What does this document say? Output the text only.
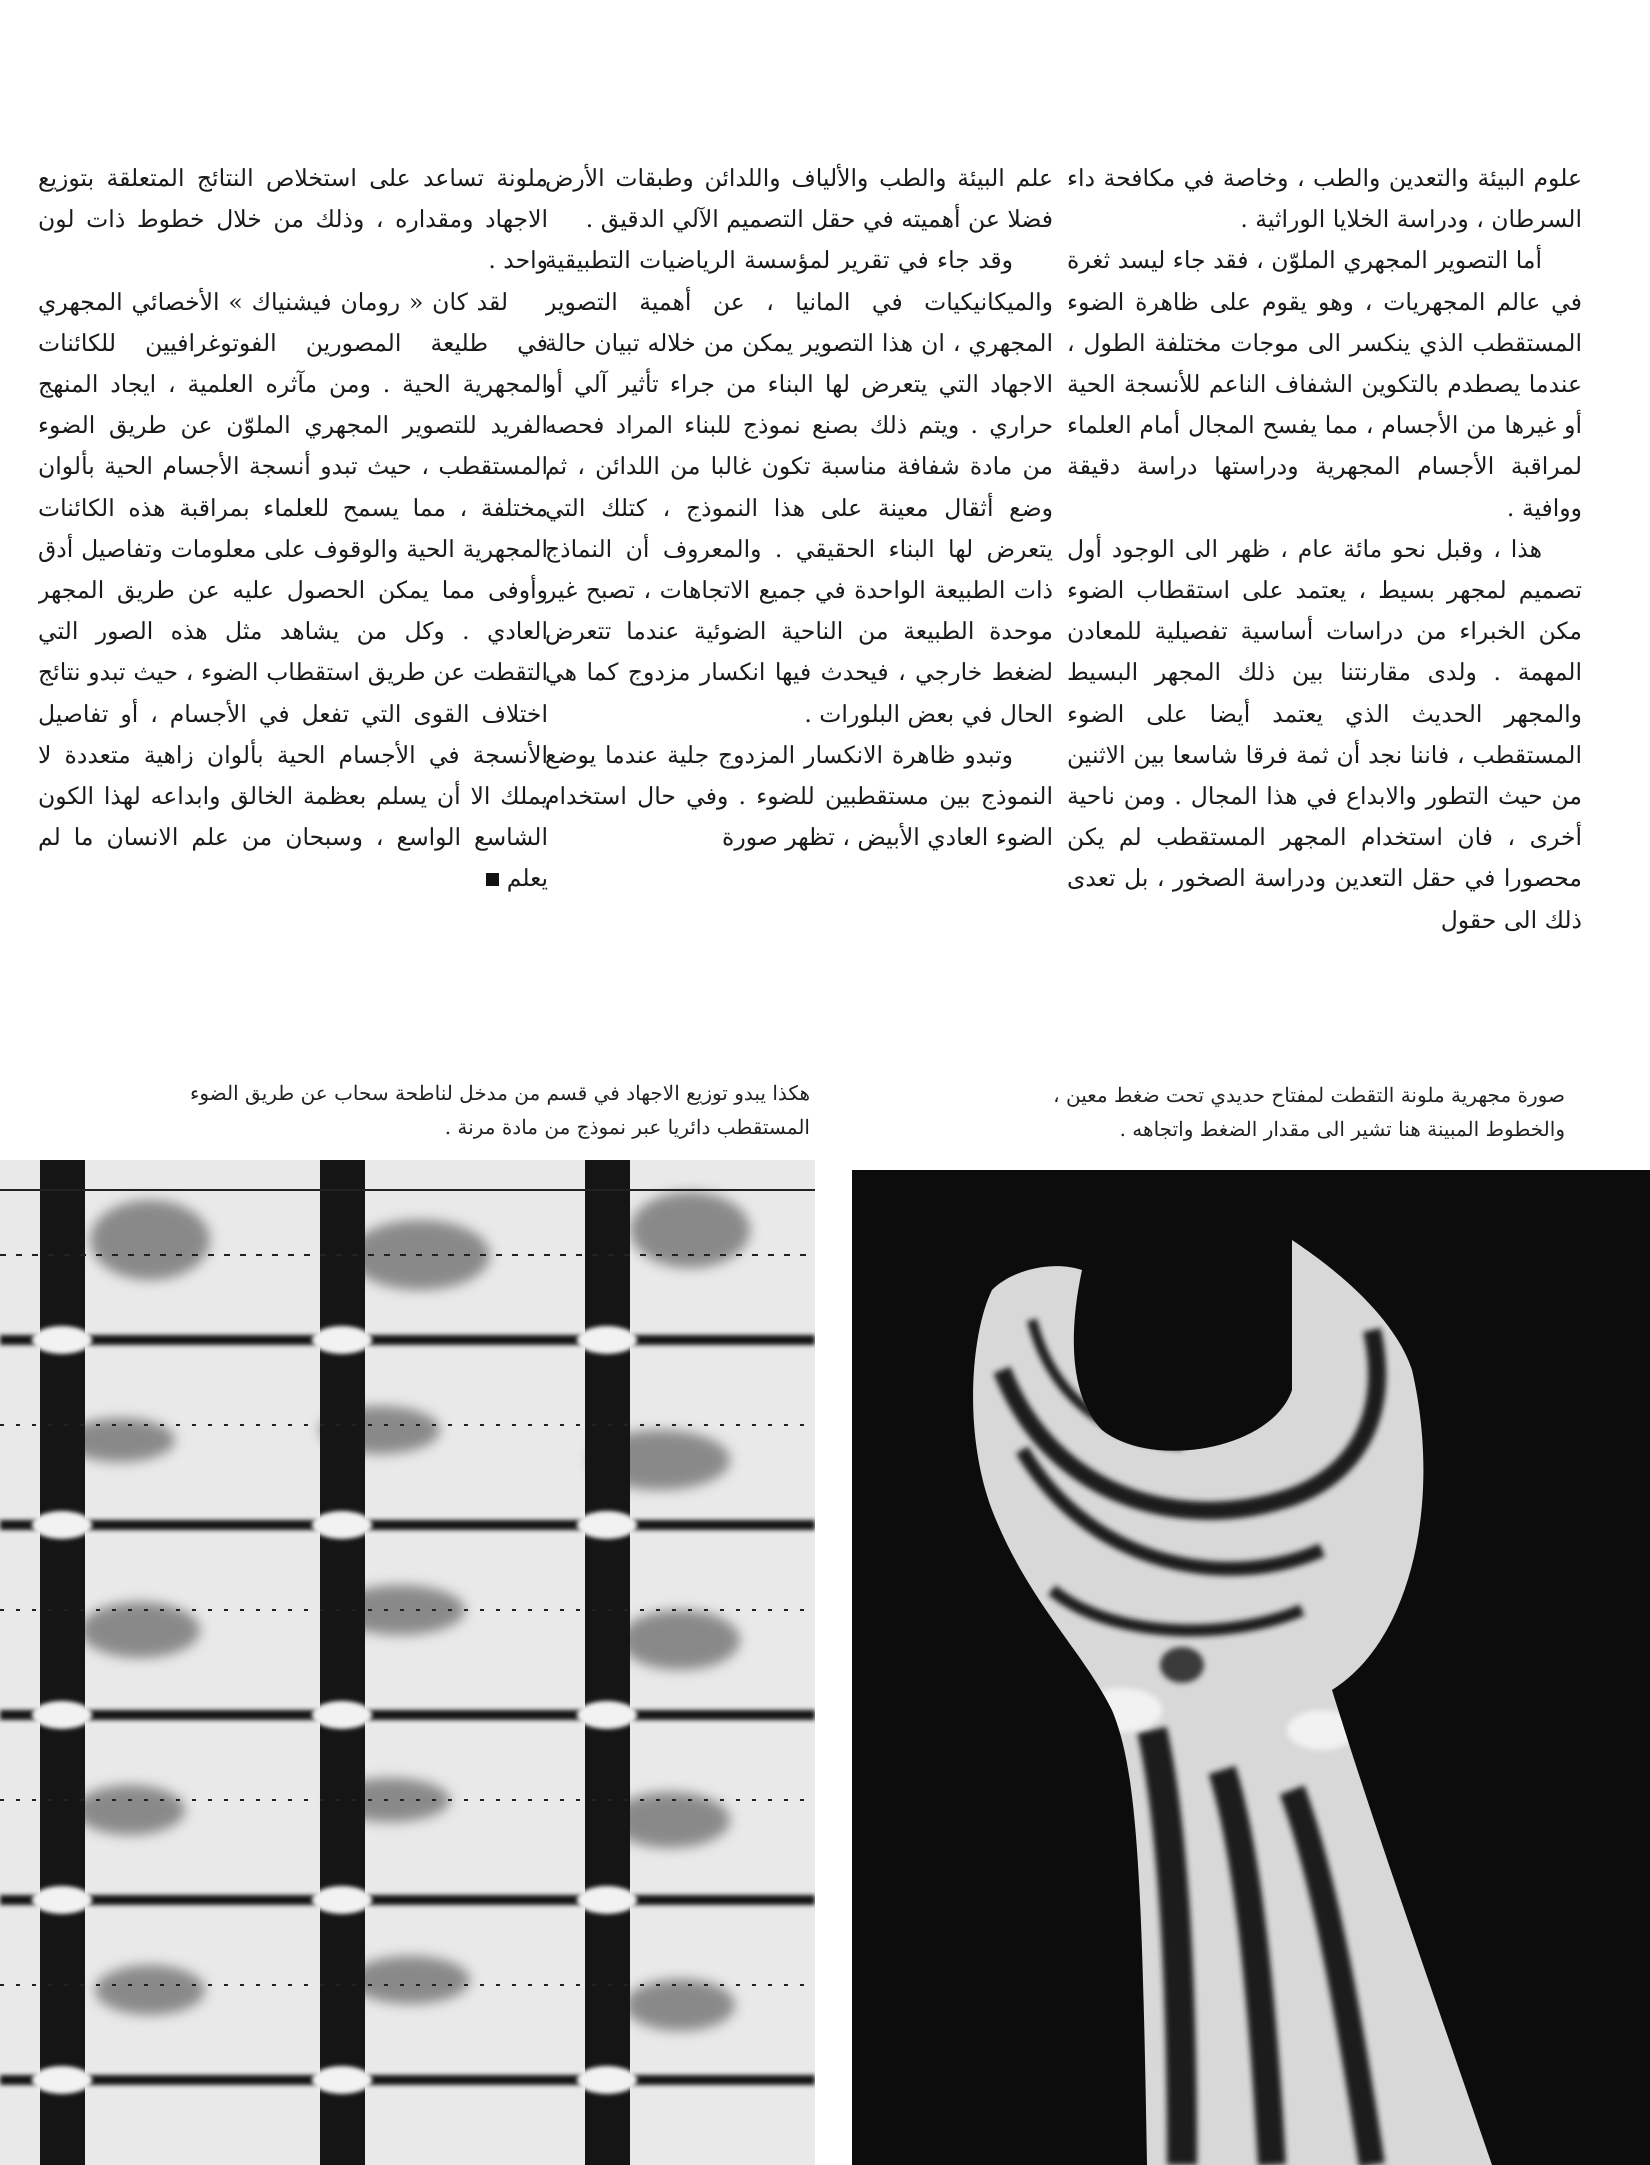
علوم البيئة والتعدين والطب ، وخاصة في مكافحة داء السرطان ، ودراسة الخلايا الوراثية .

أما التصوير المجهري الملوّن ، فقد جاء ليسد ثغرة في عالم المجهريات ، وهو يقوم على ظاهرة الضوء المستقطب الذي ينكسر الى موجات مختلفة الطول ، عندما يصطدم بالتكوين الشفاف الناعم للأنسجة الحية أو غيرها من الأجسام ، مما يفسح المجال أمام العلماء لمراقبة الأجسام المجهرية ودراستها دراسة دقيقة ووافية .

هذا ، وقبل نحو مائة عام ، ظهر الى الوجود أول تصميم لمجهر بسيط ، يعتمد على استقطاب الضوء مكن الخبراء من دراسات أساسية تفصيلية للمعادن المهمة . ولدى مقارنتنا بين ذلك المجهر البسيط والمجهر الحديث الذي يعتمد أيضا على الضوء المستقطب ، فاننا نجد أن ثمة فرقا شاسعا بين الاثنين من حيث التطور والابداع في هذا المجال . ومن ناحية أخرى ، فان استخدام المجهر المستقطب لم يكن محصورا في حقل التعدين ودراسة الصخور ، بل تعدى ذلك الى حقول

علم البيئة والطب والألياف واللدائن وطبقات الأرض فضلا عن أهميته في حقل التصميم الآلي الدقيق .

وقد جاء في تقرير لمؤسسة الرياضيات التطبيقية والميكانيكيات في المانيا ، عن أهمية التصوير المجهري ، ان هذا التصوير يمكن من خلاله تبيان حالة الاجهاد التي يتعرض لها البناء من جراء تأثير آلي أو حراري . ويتم ذلك بصنع نموذج للبناء المراد فحصه من مادة شفافة مناسبة تكون غالبا من اللدائن ، ثم وضع أثقال معينة على هذا النموذج ، كتلك التي يتعرض لها البناء الحقيقي . والمعروف أن النماذج ذات الطبيعة الواحدة في جميع الاتجاهات ، تصبح غير موحدة الطبيعة من الناحية الضوئية عندما تتعرض لضغط خارجي ، فيحدث فيها انكسار مزدوج كما هي الحال في بعض البلورات .

وتبدو ظاهرة الانكسار المزدوج جلية عندما يوضع النموذج بين مستقطبين للضوء . وفي حال استخدام الضوء العادي الأبيض ، تظهر صورة

ملونة تساعد على استخلاص النتائج المتعلقة بتوزيع الاجهاد ومقداره ، وذلك من خلال خطوط ذات لون واحد .

لقد كان « رومان فيشنياك » الأخصائي المجهري في طليعة المصورين الفوتوغرافيين للكائنات المجهرية الحية . ومن مآثره العلمية ، ايجاد المنهج الفريد للتصوير المجهري الملوّن عن طريق الضوء المستقطب ، حيث تبدو أنسجة الأجسام الحية بألوان مختلفة ، مما يسمح للعلماء بمراقبة هذه الكائنات المجهرية الحية والوقوف على معلومات وتفاصيل أدق وأوفى مما يمكن الحصول عليه عن طريق المجهر العادي . وكل من يشاهد مثل هذه الصور التي التقطت عن طريق استقطاب الضوء ، حيث تبدو نتائج اختلاف القوى التي تفعل في الأجسام ، أو تفاصيل الأنسجة في الأجسام الحية بألوان زاهية متعددة لا يملك الا أن يسلم بعظمة الخالق وابداعه لهذا الكون الشاسع الواسع ، وسبحان من علم الانسان ما لم يعلم

صورة مجهرية ملونة التقطت لمفتاح حديدي تحت ضغط معين ، والخطوط المبينة هنا تشير الى مقدار الضغط واتجاهه .
هكذا يبدو توزيع الاجهاد في قسم من مدخل لناطحة سحاب عن طريق الضوء المستقطب دائريا عبر نموذج من مادة مرنة .
